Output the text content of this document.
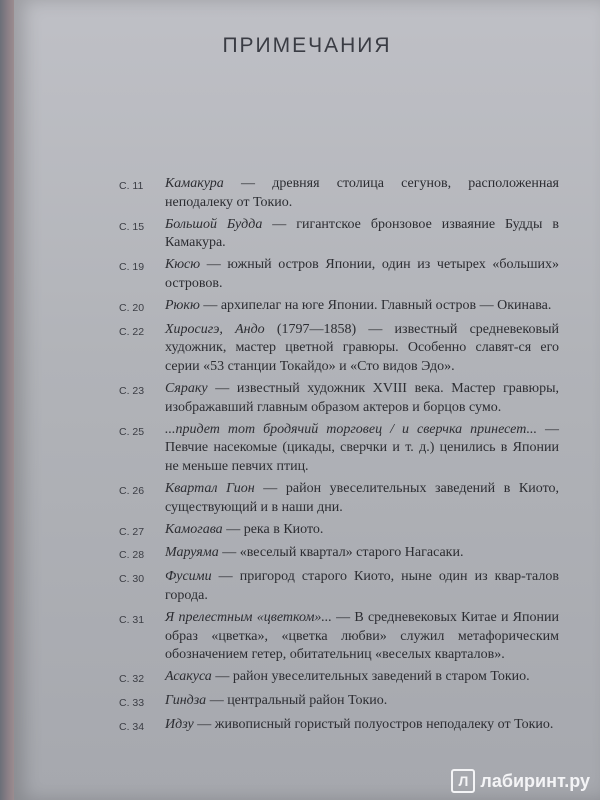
ПРИМЕЧАНИЯ
С. 11	Камакура — древняя столица сегунов, расположенная неподалеку от Токио.
С. 15	Большой Будда — гигантское бронзовое изваяние Будды в Камакура.
С. 19	Кюсю — южный остров Японии, один из четырех «больших» островов.
С. 20	Рюкю — архипелаг на юге Японии. Главный остров — Окинава.
С. 22	Хиросигэ, Андо (1797—1858) — известный средневековый художник, мастер цветной гравюры. Особенно славят-ся его серии «53 станции Токайдо» и «Сто видов Эдо».
С. 23	Сяраку — известный художник XVIII века. Мастер гравюры, изображавший главным образом актеров и борцов сумо.
С. 25	...придет тот бродячий торговец / и сверчка принесет... — Певчие насекомые (цикады, сверчки и т. д.) ценились в Японии не меньше певчих птиц.
С. 26	Квартал Гион — район увеселительных заведений в Киото, существующий и в наши дни.
С. 27	Камогава — река в Киото.
С. 28	Маруяма — «веселый квартал» старого Нагасаки.
С. 30	Фусими — пригород старого Киото, ныне один из квар-талов города.
С. 31	Я прелестным «цветком»... — В средневековых Китае и Японии образ «цветка», «цветка любви» служил метафорическим обозначением гетер, обитательниц «веселых кварталов».
С. 32	Асакуса — район увеселительных заведений в старом Токио.
С. 33	Гиндза — центральный район Токио.
С. 34	Идзу — живописный гористый полуостров неподалеку от Токио.
Л лабиринт.ру
